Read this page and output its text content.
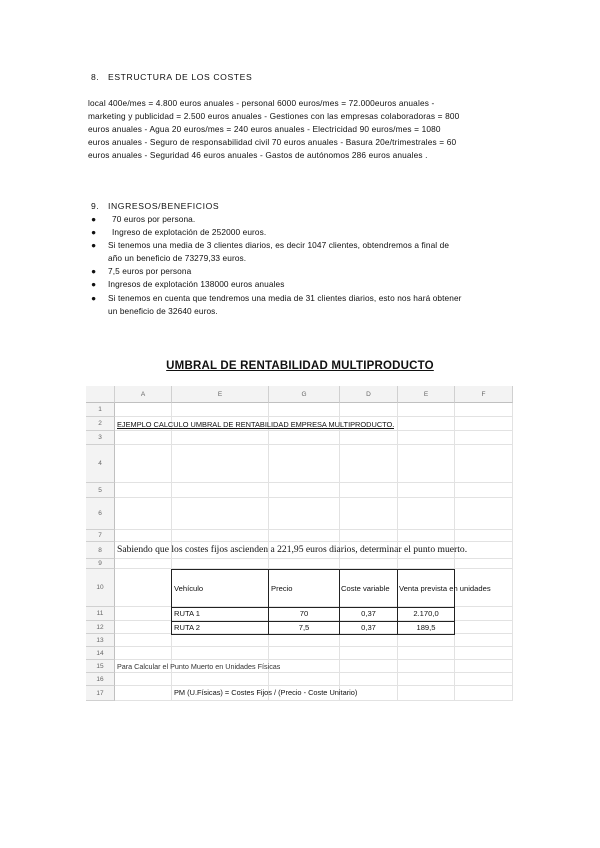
8. ESTRUCTURA DE LOS COSTES
local 400e/mes = 4.800 euros anuales - personal 6000 euros/mes = 72.000euros anuales -
marketing y publicidad = 2.500 euros anuales - Gestiones con las empresas colaboradoras = 800
euros anuales - Agua 20 euros/mes = 240 euros anuales - Electricidad 90 euros/mes = 1080
euros anuales - Seguro de responsabilidad civil 70 euros anuales - Basura 20e/trimestrales = 60
euros anuales - Seguridad 46 euros anuales - Gastos de autónomos 286 euros anuales .
9. INGRESOS/BENEFICIOS
●	70 euros por persona.
●	Ingreso de explotación de 252000 euros.
● Si tenemos una media de 3 clientes diarios, es decir 1047 clientes, obtendremos a final de
año un beneficio de 73279,33 euros.
● 7,5 euros por persona
● Ingresos de explotación 138000 euros anuales
● Si tenemos en cuenta que tendremos una media de 31 clientes diarios, esto nos hará obtener
un beneficio de 32640 euros.
UMBRAL DE RENTABILIDAD MULTIPRODUCTO
A	E	G	D	E	F
1
2
3
4
5
6
7
8
9
10
11
12
13
14
15
16
17
EJEMPLO CALCULO UMBRAL DE RENTABILIDAD EMPRESA MULTIPRODUCTO.
Sabiendo que los costes fijos ascienden a 221,95 euros diarios, determinar el punto muerto.
Vehículo	Precio	Coste variable	Venta prevista en unidades
RUTA 1	70	0,37	2.170,0
RUTA 2	7,5	0,37	189,5
Para Calcular el Punto Muerto en Unidades Físicas
PM (U.Físicas) = Costes Fijos / (Precio - Coste Unitario)
